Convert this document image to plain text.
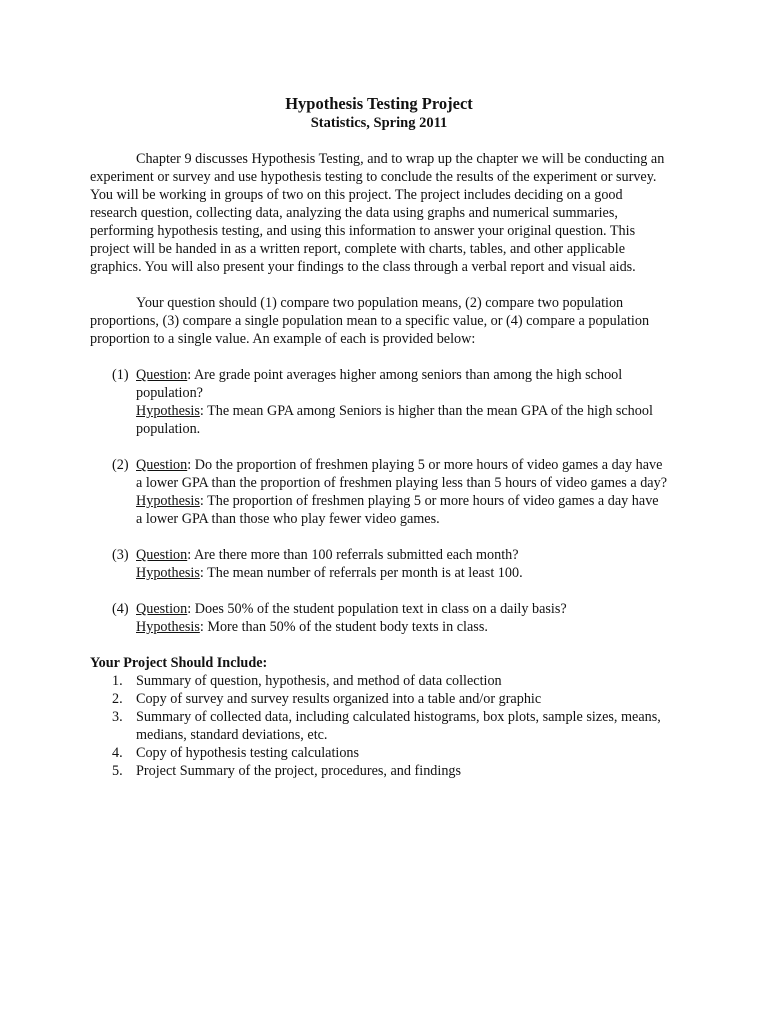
Hypothesis Testing Project
Statistics, Spring 2011

Chapter 9 discusses Hypothesis Testing, and to wrap up the chapter we will be conducting an experiment or survey and use hypothesis testing to conclude the results of the experiment or survey. You will be working in groups of two on this project. The project includes deciding on a good research question, collecting data, analyzing the data using graphs and numerical summaries, performing hypothesis testing, and using this information to answer your original question. This project will be handed in as a written report, complete with charts, tables, and other applicable graphics. You will also present your findings to the class through a verbal report and visual aids.

Your question should (1) compare two population means, (2) compare two population proportions, (3) compare a single population mean to a specific value, or (4) compare a population proportion to a single value. An example of each is provided below:

(1) Question: Are grade point averages higher among seniors than among the high school population?
Hypothesis: The mean GPA among Seniors is higher than the mean GPA of the high school population.
(2) Question: Do the proportion of freshmen playing 5 or more hours of video games a day have a lower GPA than the proportion of freshmen playing less than 5 hours of video games a day?
Hypothesis: The proportion of freshmen playing 5 or more hours of video games a day have a lower GPA than those who play fewer video games.
(3) Question: Are there more than 100 referrals submitted each month?
Hypothesis: The mean number of referrals per month is at least 100.
(4) Question: Does 50% of the student population text in class on a daily basis?
Hypothesis: More than 50% of the student body texts in class.
Your Project Should Include:
1. Summary of question, hypothesis, and method of data collection
2. Copy of survey and survey results organized into a table and/or graphic
3. Summary of collected data, including calculated histograms, box plots, sample sizes, means, medians, standard deviations, etc.
4. Copy of hypothesis testing calculations
5. Project Summary of the project, procedures, and findings
